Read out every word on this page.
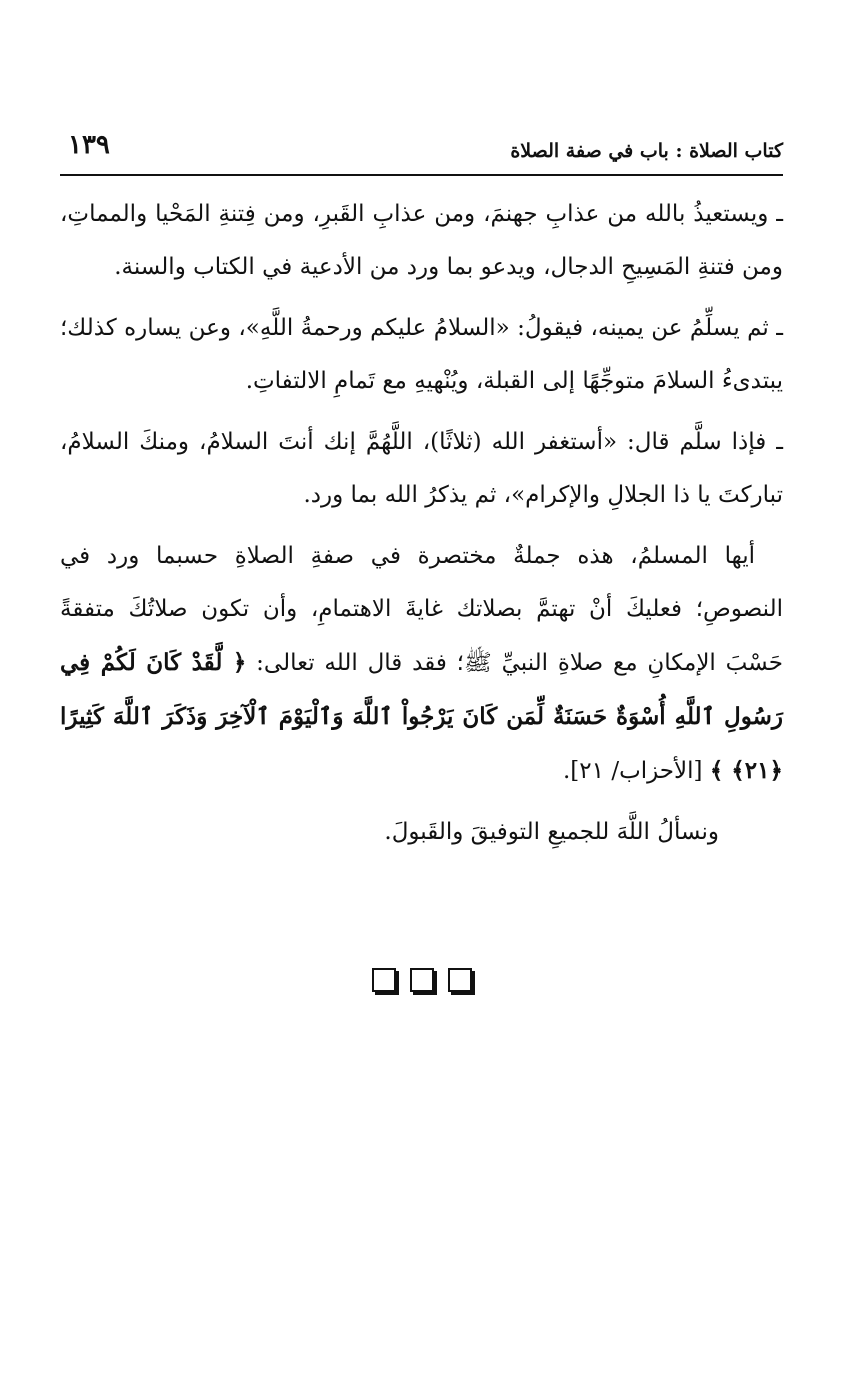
كتاب الصلاة : باب في صفة الصلاة
١٣٩

ـ ويستعيذُ بالله من عذابِ جهنمَ، ومن عذابِ القَبرِ، ومن فِتنةِ المَحْيا والمماتِ، ومن فتنةِ المَسِيحِ الدجال، ويدعو بما ورد من الأدعية في الكتاب والسنة.

ـ ثم يسلِّمُ عن يمينه، فيقولُ: «السلامُ عليكم ورحمةُ اللَّهِ»، وعن يساره كذلك؛ يبتدىءُ السلامَ متوجِّهًا إلى القبلة، ويُنْهيهِ مع تَمامِ الالتفاتِ.

ـ فإذا سلَّم قال: «أستغفر الله (ثلاثًا)، اللَّهُمَّ إنك أنتَ السلامُ، ومنكَ السلامُ، تباركتَ يا ذا الجلالِ والإكرام»، ثم يذكرُ الله بما ورد.

أيها المسلمُ، هذه جملةٌ مختصرة في صفةِ الصلاةِ حسبما ورد في النصوصِ؛ فعليكَ أنْ تهتمَّ بصلاتك غايةَ الاهتمامِ، وأن تكون صلاتُكَ متفقةً حَسْبَ الإمكانِ مع صلاةِ النبيِّ ﷺ؛ فقد قال الله تعالى: ﴿ لَّقَدْ كَانَ لَكُمْ فِي رَسُولِ ٱللَّهِ أُسْوَةٌ حَسَنَةٌ لِّمَن كَانَ يَرْجُواْ ٱللَّهَ وَٱلْيَوْمَ ٱلْآخِرَ وَذَكَرَ ٱللَّهَ كَثِيرًا ﴿٢١﴾ ﴾ [الأحزاب/ ٢١].

ونسألُ اللَّهَ للجميعِ التوفيقَ والقَبولَ.
